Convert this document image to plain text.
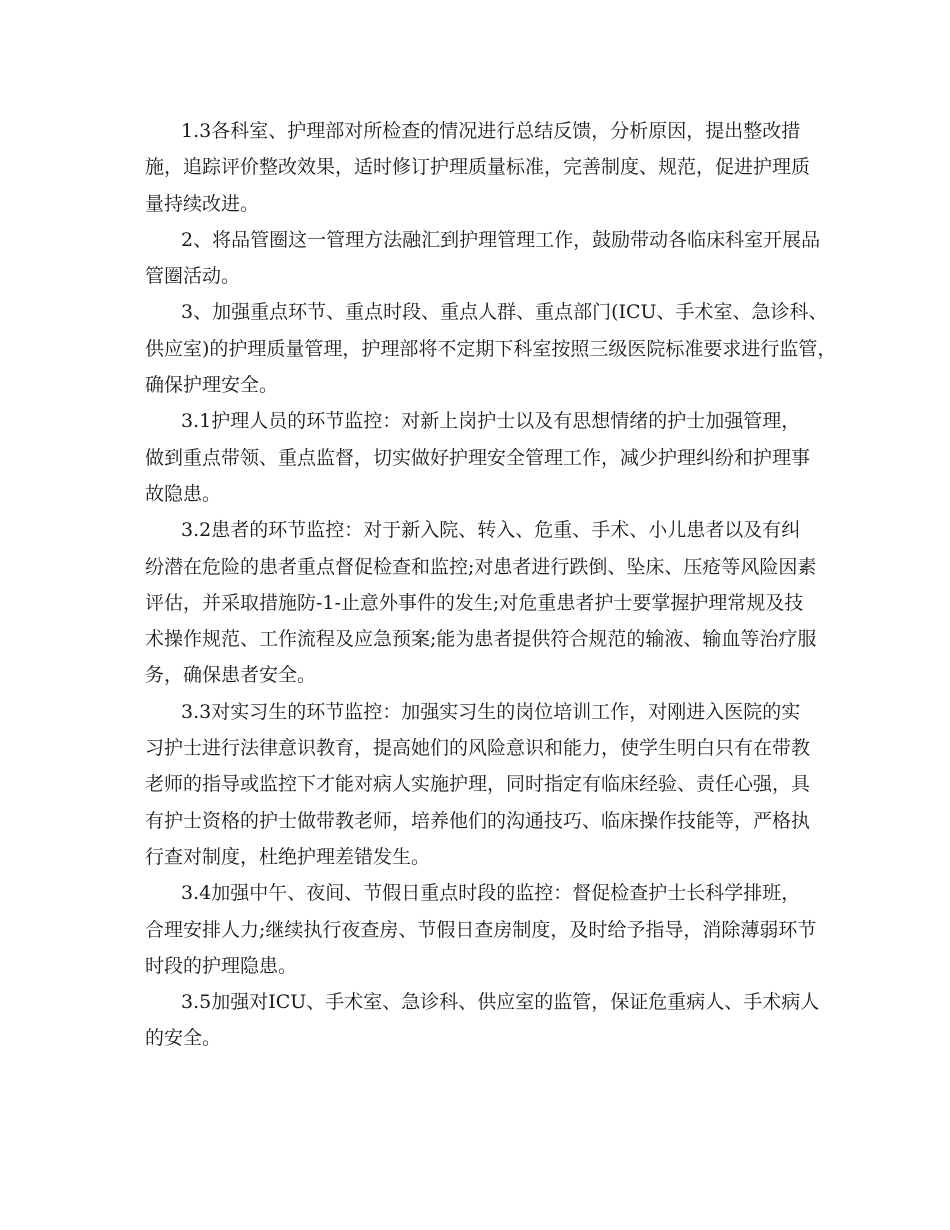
1.3各科室、护理部对所检查的情况进行总结反馈，分析原因，提出整改措
施，追踪评价整改效果，适时修订护理质量标准，完善制度、规范，促进护理质
量持续改进。
2、将品管圈这一管理方法融汇到护理管理工作，鼓励带动各临床科室开展品
管圈活动。
3、加强重点环节、重点时段、重点人群、重点部门(ICU、手术室、急诊科、
供应室)的护理质量管理，护理部将不定期下科室按照三级医院标准要求进行监管，
确保护理安全。
3.1护理人员的环节监控：对新上岗护士以及有思想情绪的护士加强管理，
做到重点带领、重点监督，切实做好护理安全管理工作，减少护理纠纷和护理事
故隐患。
3.2患者的环节监控：对于新入院、转入、危重、手术、小儿患者以及有纠
纷潜在危险的患者重点督促检查和监控;对患者进行跌倒、坠床、压疮等风险因素
评估，并采取措施防-1-止意外事件的发生;对危重患者护士要掌握护理常规及技
术操作规范、工作流程及应急预案;能为患者提供符合规范的输液、输血等治疗服
务，确保患者安全。
3.3对实习生的环节监控：加强实习生的岗位培训工作，对刚进入医院的实
习护士进行法律意识教育，提高她们的风险意识和能力，使学生明白只有在带教
老师的指导或监控下才能对病人实施护理，同时指定有临床经验、责任心强，具
有护士资格的护士做带教老师，培养他们的沟通技巧、临床操作技能等，严格执
行查对制度，杜绝护理差错发生。
3.4加强中午、夜间、节假日重点时段的监控：督促检查护士长科学排班，
合理安排人力;继续执行夜查房、节假日查房制度，及时给予指导，消除薄弱环节
时段的护理隐患。
3.5加强对ICU、手术室、急诊科、供应室的监管，保证危重病人、手术病人
的安全。
